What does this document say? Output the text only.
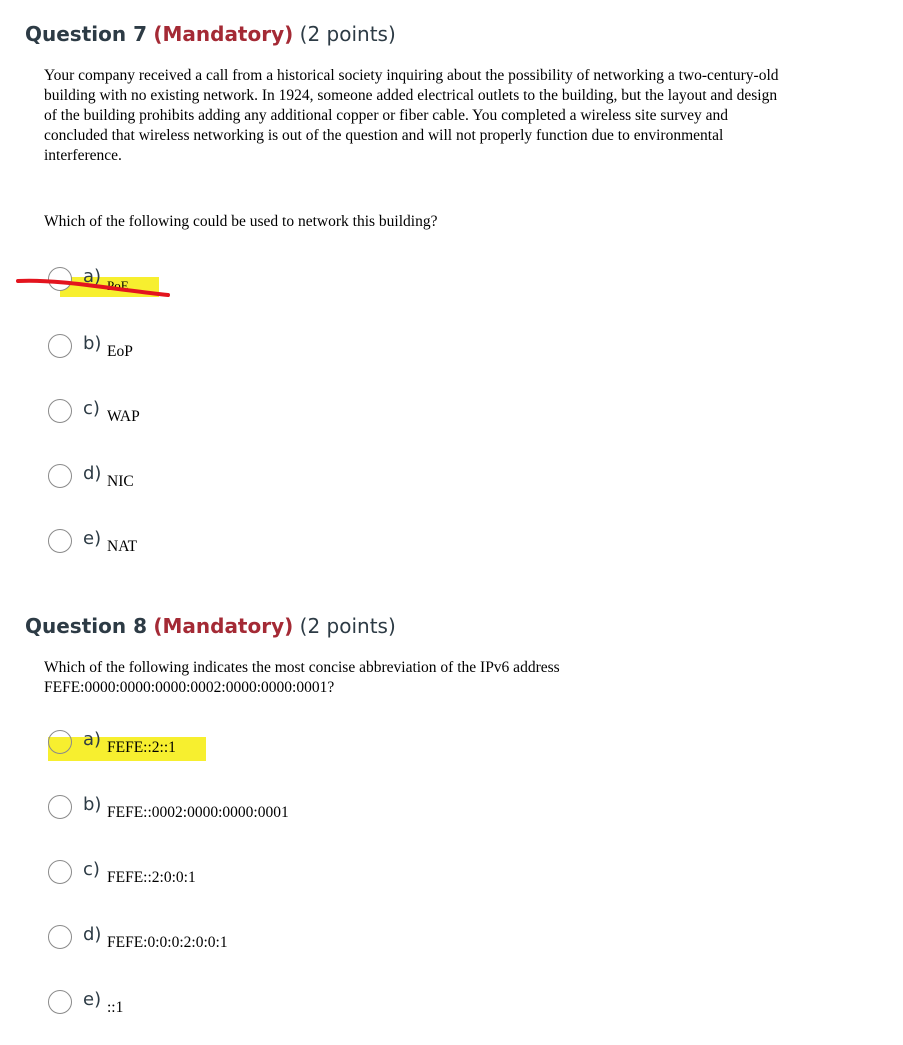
Question 7 (Mandatory) (2 points)
Your company received a call from a historical society inquiring about the possibility of networking a two-century-old
building with no existing network. In 1924, someone added electrical outlets to the building, but the layout and design
of the building prohibits adding any additional copper or fiber cable. You completed a wireless site survey and
concluded that wireless networking is out of the question and will not properly function due to environmental
interference.
Which of the following could be used to network this building?
a) PoE
b) EoP
c) WAP
d) NIC
e) NAT
Question 8 (Mandatory) (2 points)
Which of the following indicates the most concise abbreviation of the IPv6 address
FEFE:0000:0000:0000:0002:0000:0000:0001?
a) FEFE::2::1
b) FEFE::0002:0000:0000:0001
c) FEFE::2:0:0:1
d) FEFE:0:0:0:2:0:0:1
e) ::1
